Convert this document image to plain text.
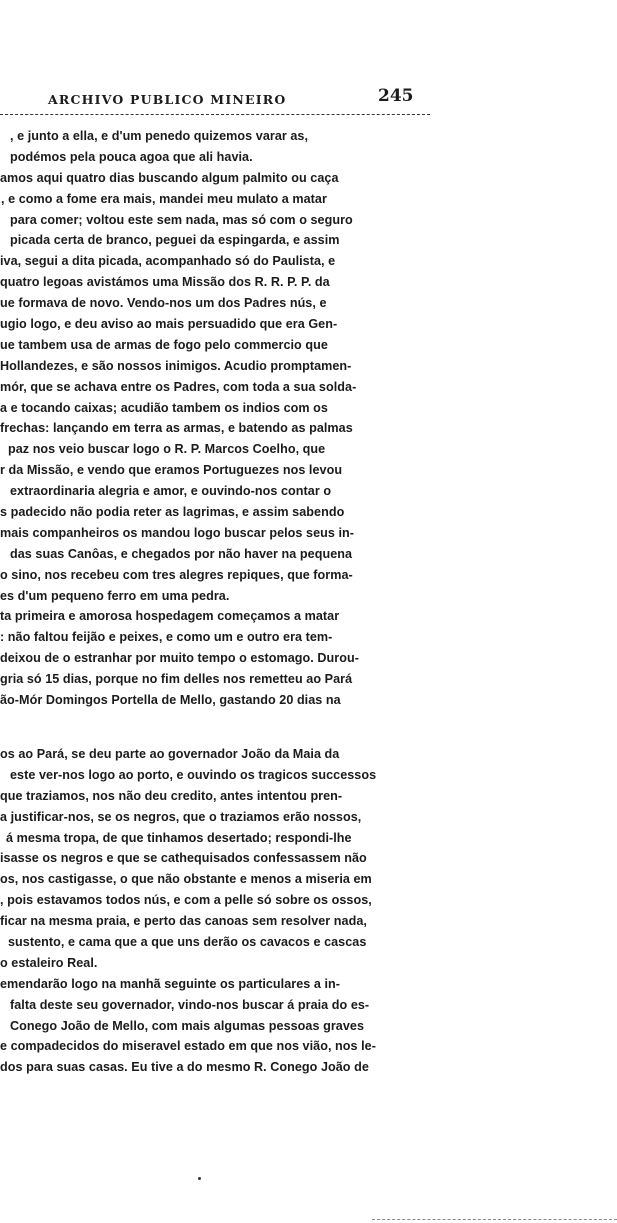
ARCHIVO PUBLICO MINEIRO	245
, e junto a ella, e d'um penedo quizemos varar as,
podémos pela pouca agoa que ali havia.
amos aqui quatro dias buscando algum palmito ou caça
, e como a fome era mais, mandei meu mulato a matar
para comer; voltou este sem nada, mas só com o seguro
picada certa de branco, peguei da espingarda, e assim
iva, segui a dita picada, acompanhado só do Paulista, e
quatro legoas avistámos uma Missão dos R. R. P. P. da
ue formava de novo. Vendo-nos um dos Padres nús, e
ugio logo, e deu aviso ao mais persuadido que era Gen-
ue tambem usa de armas de fogo pelo commercio que
Hollandezes, e são nossos inimigos. Acudio promptamen-
mór, que se achava entre os Padres, com toda a sua solda-
a e tocando caixas; acudião tambem os indios com os
frechas: lançando em terra as armas, e batendo as palmas
paz nos veio buscar logo o R. P. Marcos Coelho, que
r da Missão, e vendo que eramos Portuguezes nos levou
extraordinaria alegria e amor, e ouvindo-nos contar o
s padecido não podia reter as lagrimas, e assim sabendo
mais companheiros os mandou logo buscar pelos seus in-
das suas Canôas, e chegados por não haver na pequena
o sino, nos recebeu com tres alegres repiques, que forma-
es d'um pequeno ferro em uma pedra.
ta primeira e amorosa hospedagem começamos a matar
: não faltou feijão e peixes, e como um e outro era tem-
deixou de o estranhar por muito tempo o estomago. Durou-
gria só 15 dias, porque no fim delles nos remetteu ao Pará
ão-Mór Domingos Portella de Mello, gastando 20 dias na
os ao Pará, se deu parte ao governador João da Maia da
este ver-nos logo ao porto, e ouvindo os tragicos successos
que traziamos, nos não deu credito, antes intentou pren-
a justificar-nos, se os negros, que o traziamos erão nossos,
á mesma tropa, de que tinhamos desertado; respondi-lhe
isasse os negros e que se cathequisados confessassem não
os, nos castigasse, o que não obstante e menos a miseria em
, pois estavamos todos nús, e com a pelle só sobre os ossos,
ficar na mesma praia, e perto das canoas sem resolver nada,
sustento, e cama que a que uns derão os cavacos e cascas
o estaleiro Real.
emendarão logo na manhã seguinte os particulares a in-
falta deste seu governador, vindo-nos buscar á praia do es-
Conego João de Mello, com mais algumas pessoas graves
e compadecidos do miseravel estado em que nos vião, nos le-
dos para suas casas. Eu tive a do mesmo R. Conego João de
